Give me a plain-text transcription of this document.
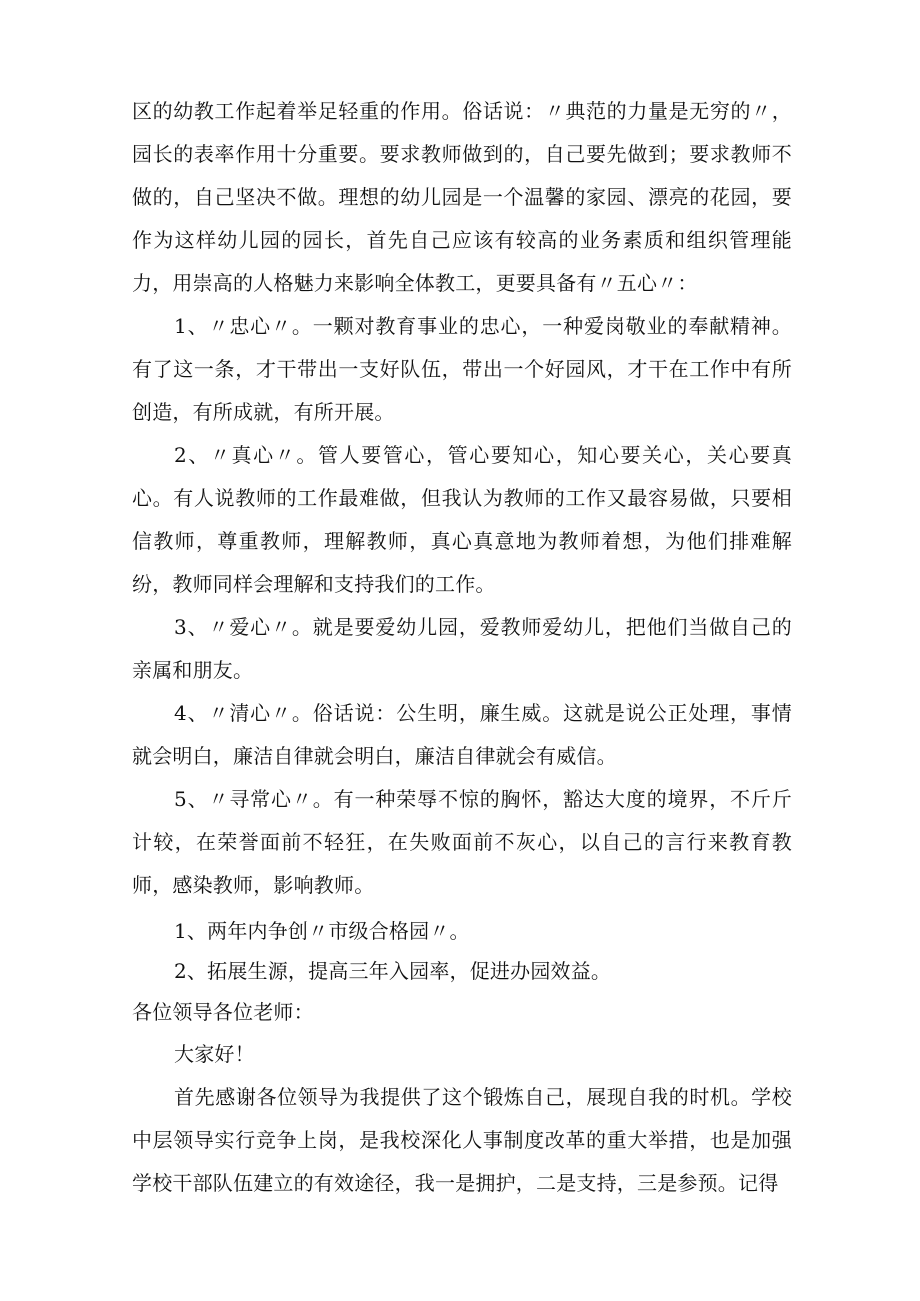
区的幼教工作起着举足轻重的作用。俗话说：〃典范的力量是无穷的〃，园长的表率作用十分重要。要求教师做到的，自己要先做到；要求教师不做的，自己坚决不做。理想的幼儿园是一个温馨的家园、漂亮的花园，要作为这样幼儿园的园长，首先自己应该有较高的业务素质和组织管理能力，用崇高的人格魅力来影响全体教工，更要具备有〃五心〃：

1、〃忠心〃。一颗对教育事业的忠心，一种爱岗敬业的奉献精神。有了这一条，才干带出一支好队伍，带出一个好园风，才干在工作中有所创造，有所成就，有所开展。

2、〃真心〃。管人要管心，管心要知心，知心要关心，关心要真心。有人说教师的工作最难做，但我认为教师的工作又最容易做，只要相信教师，尊重教师，理解教师，真心真意地为教师着想，为他们排难解纷，教师同样会理解和支持我们的工作。

3、〃爱心〃。就是要爱幼儿园，爱教师爱幼儿，把他们当做自己的亲属和朋友。

4、〃清心〃。俗话说：公生明，廉生威。这就是说公正处理，事情就会明白，廉洁自律就会明白，廉洁自律就会有威信。

5、〃寻常心〃。有一种荣辱不惊的胸怀，豁达大度的境界，不斤斤计较，在荣誉面前不轻狂，在失败面前不灰心，以自己的言行来教育教师，感染教师，影响教师。

1、两年内争创〃市级合格园〃。

2、拓展生源，提高三年入园率，促进办园效益。

各位领导各位老师：

大家好！

首先感谢各位领导为我提供了这个锻炼自己，展现自我的时机。学校中层领导实行竞争上岗，是我校深化人事制度改革的重大举措，也是加强学校干部队伍建立的有效途径，我一是拥护，二是支持，三是参预。记得
